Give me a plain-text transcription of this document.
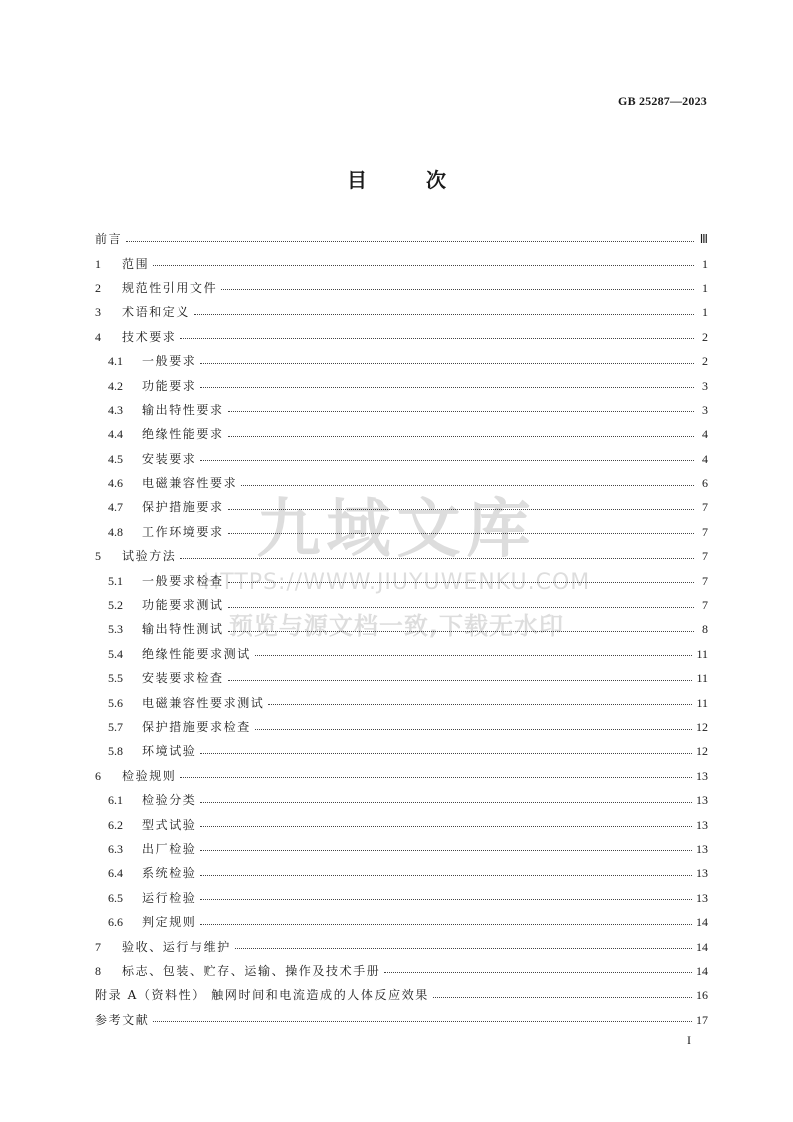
GB 25287—2023
目 次
前言	Ⅲ
1	范围	1
2	规范性引用文件	1
3	术语和定义	1
4	技术要求	2
4.1	一般要求	2
4.2	功能要求	3
4.3	输出特性要求	3
4.4	绝缘性能要求	4
4.5	安装要求	4
4.6	电磁兼容性要求	6
4.7	保护措施要求	7
4.8	工作环境要求	7
5	试验方法	7
5.1	一般要求检查	7
5.2	功能要求测试	7
5.3	输出特性测试	8
5.4	绝缘性能要求测试	11
5.5	安装要求检查	11
5.6	电磁兼容性要求测试	11
5.7	保护措施要求检查	12
5.8	环境试验	12
6	检验规则	13
6.1	检验分类	13
6.2	型式试验	13
6.3	出厂检验	13
6.4	系统检验	13
6.5	运行检验	13
6.6	判定规则	14
7	验收、运行与维护	14
8	标志、包装、贮存、运输、操作及技术手册	14
附录 A（资料性） 触网时间和电流造成的人体反应效果	16
参考文献	17
I
九域文库
HTTPS://WWW.JIUYUWENKU.COM
预览与源文档一致,下载无水印
